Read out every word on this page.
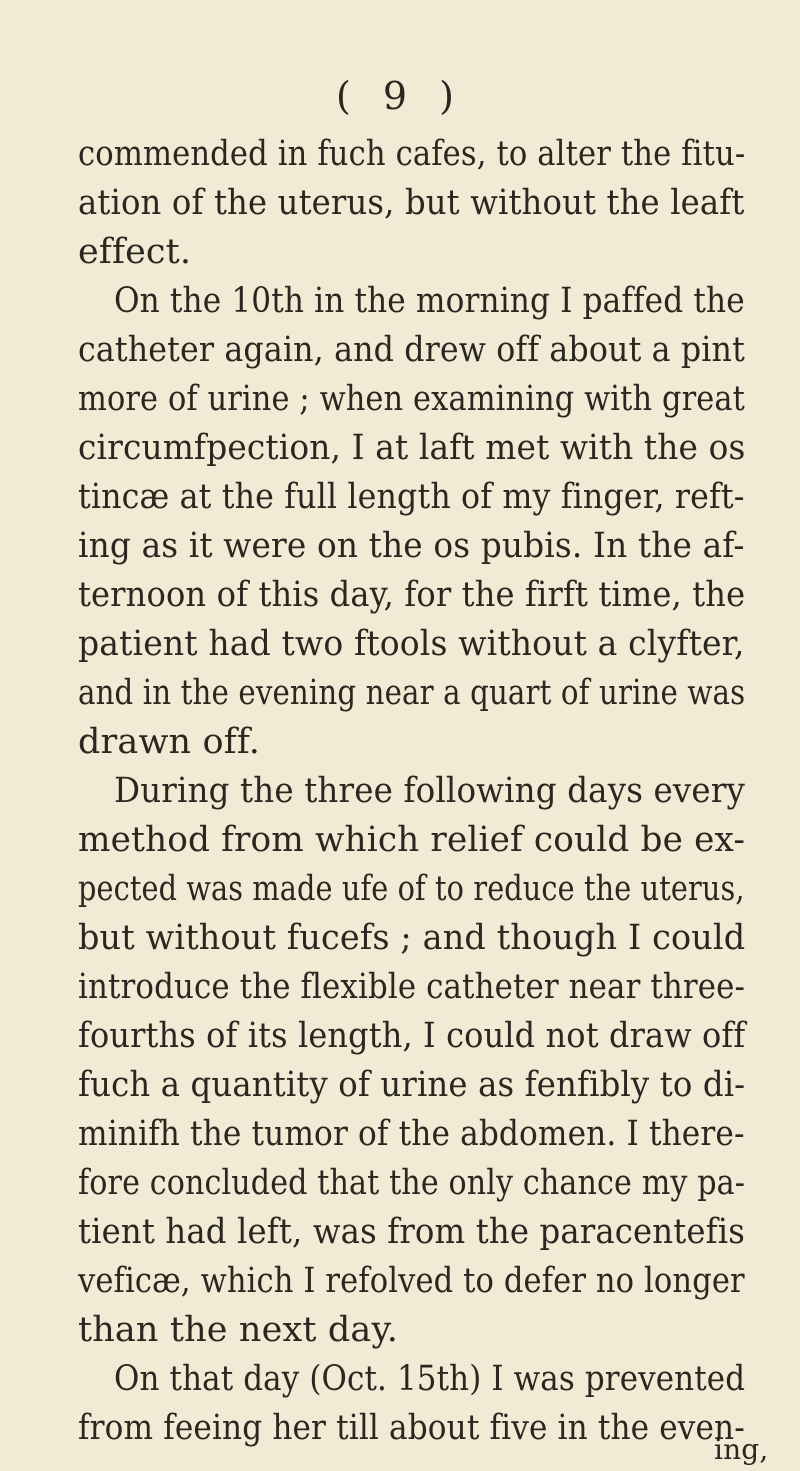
( 9 )
commended in fuch cafes, to alter the fitu-
ation of the uterus, but without the leaft
effect.
On the 10th in the morning I paffed the
catheter again, and drew off about a pint
more of urine ; when examining with great
circumfpection, I at laft met with the os
tincæ at the full length of my finger, reft-
ing as it were on the os pubis. In the af-
ternoon of this day, for the firft time, the
patient had two ftools without a clyfter,
and in the evening near a quart of urine was
drawn off.
During the three following days every
method from which relief could be ex-
pected was made ufe of to reduce the uterus,
but without fucefs ; and though I could
introduce the flexible catheter near three-
fourths of its length, I could not draw off
fuch a quantity of urine as fenfibly to di-
minifh the tumor of the abdomen. I there-
fore concluded that the only chance my pa-
tient had left, was from the paracentefis
veficæ, which I refolved to defer no longer
than the next day.
On that day (Oct. 15th) I was prevented
from feeing her till about five in the even-
ing,
